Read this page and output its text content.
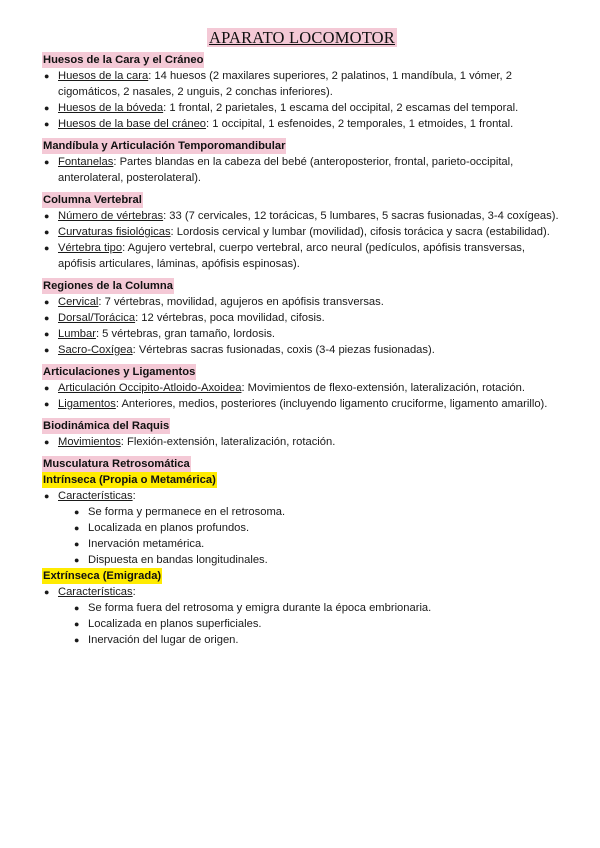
APARATO LOCOMOTOR
Huesos de la Cara y el Cráneo
● Huesos de la cara: 14 huesos (2 maxilares superiores, 2 palatinos, 1 mandíbula, 1 vómer, 2 cigomáticos, 2 nasales, 2 unguis, 2 conchas inferiores).
● Huesos de la bóveda: 1 frontal, 2 parietales, 1 escama del occipital, 2 escamas del temporal.
● Huesos de la base del cráneo: 1 occipital, 1 esfenoides, 2 temporales, 1 etmoides, 1 frontal.
Mandíbula y Articulación Temporomandibular
● Fontanelas: Partes blandas en la cabeza del bebé (anteroposterior, frontal, parieto-occipital, anterolateral, posterolateral).
Columna Vertebral
● Número de vértebras: 33 (7 cervicales, 12 torácicas, 5 lumbares, 5 sacras fusionadas, 3-4 coxígeas).
● Curvaturas fisiológicas: Lordosis cervical y lumbar (movilidad), cifosis torácica y sacra (estabilidad).
● Vértebra tipo: Agujero vertebral, cuerpo vertebral, arco neural (pedículos, apófisis transversas, apófisis articulares, láminas, apófisis espinosas).
Regiones de la Columna
● Cervical: 7 vértebras, movilidad, agujeros en apófisis transversas.
● Dorsal/Torácica: 12 vértebras, poca movilidad, cifosis.
● Lumbar: 5 vértebras, gran tamaño, lordosis.
● Sacro-Coxígea: Vértebras sacras fusionadas, coxis (3-4 piezas fusionadas).
Articulaciones y Ligamentos
● Articulación Occipito-Atloido-Axoidea: Movimientos de flexo-extensión, lateralización, rotación.
● Ligamentos: Anteriores, medios, posteriores (incluyendo ligamento cruciforme, ligamento amarillo).
Biodinámica del Raquis
● Movimientos: Flexión-extensión, lateralización, rotación.
Musculatura Retrosomática
Intrínseca (Propia o Metamérica)
● Características:
● Se forma y permanece en el retrosoma.
● Localizada en planos profundos.
● Inervación metamérica.
● Dispuesta en bandas longitudinales.
Extrínseca (Emigrada)
● Características:
● Se forma fuera del retrosoma y emigra durante la época embrionaria.
● Localizada en planos superficiales.
● Inervación del lugar de origen.
